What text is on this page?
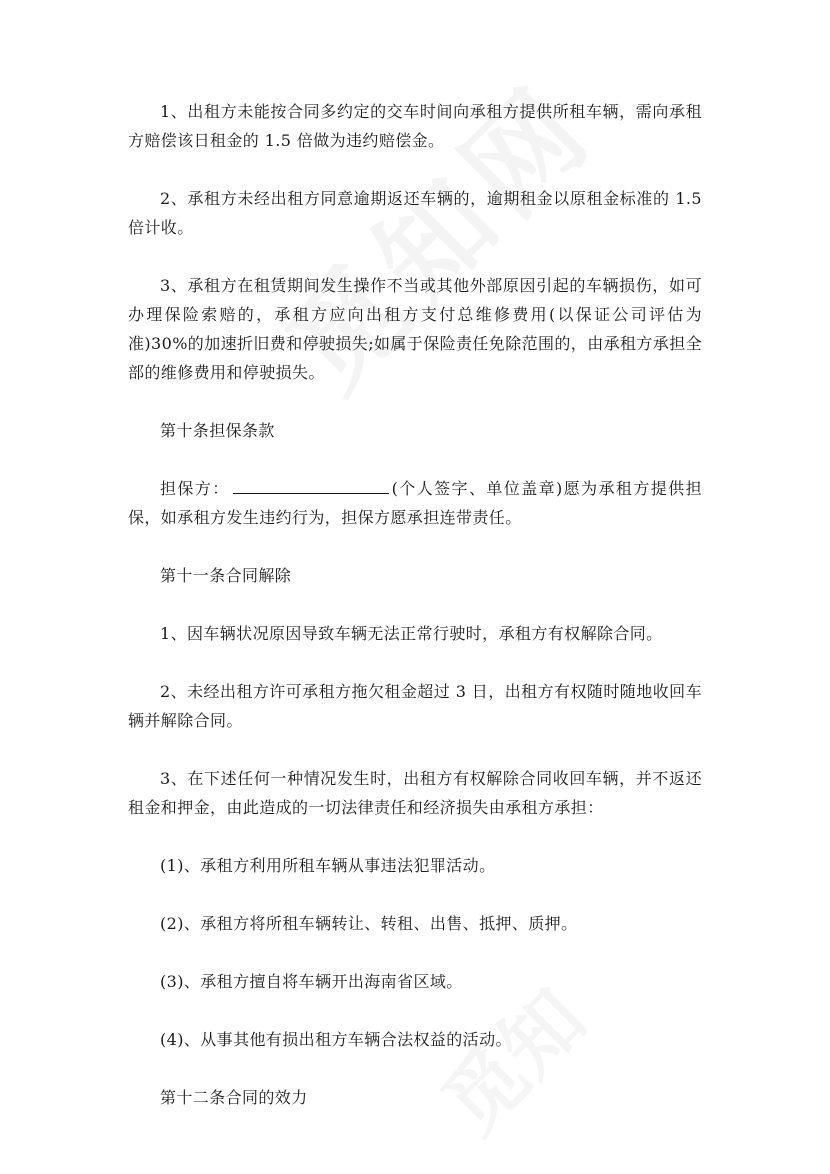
1、出租方未能按合同多约定的交车时间向承租方提供所租车辆，需向承租方赔偿该日租金的 1.5 倍做为违约赔偿金。

2、承租方未经出租方同意逾期返还车辆的，逾期租金以原租金标准的 1.5 倍计收。

3、承租方在租赁期间发生操作不当或其他外部原因引起的车辆损伤，如可办理保险索赔的，承租方应向出租方支付总维修费用(以保证公司评估为准)30%的加速折旧费和停驶损失;如属于保险责任免除范围的，由承租方承担全部的维修费用和停驶损失。

第十条担保条款

担保方：	(个人签字、单位盖章)愿为承租方提供担保，如承租方发生违约行为，担保方愿承担连带责任。

第十一条合同解除

1、因车辆状况原因导致车辆无法正常行驶时，承租方有权解除合同。

2、未经出租方许可承租方拖欠租金超过 3 日，出租方有权随时随地收回车辆并解除合同。

3、在下述任何一种情况发生时，出租方有权解除合同收回车辆，并不返还租金和押金，由此造成的一切法律责任和经济损失由承租方承担：

(1)、承租方利用所租车辆从事违法犯罪活动。

(2)、承租方将所租车辆转让、转租、出售、抵押、质押。

(3)、承租方擅自将车辆开出海南省区域。

(4)、从事其他有损出租方车辆合法权益的活动。

第十二条合同的效力
